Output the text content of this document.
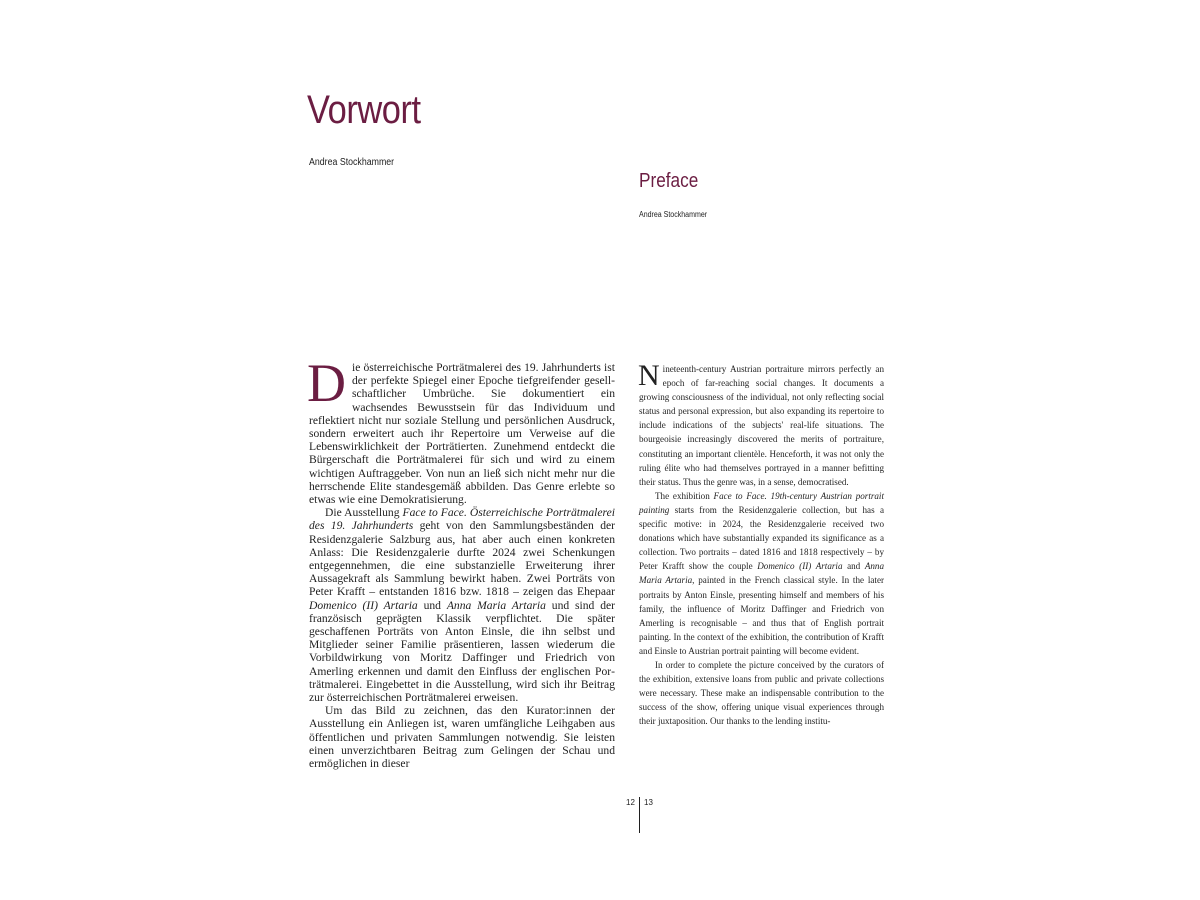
Vorwort
Andrea Stockhammer

Die österreichische Porträtmalerei des 19. Jahrhunderts ist der perfekte Spiegel einer Epoche tiefgreifender gesellschaftlicher Umbrüche. Sie dokumentiert ein wachsendes Bewusstsein für das Individuum und reflektiert nicht nur soziale Stellung und persönlichen Ausdruck, sondern erweitert auch ihr Repertoire um Verweise auf die Lebenswirklichkeit der Porträtierten. Zunehmend entdeckt die Bürgerschaft die Porträtmalerei für sich und wird zu einem wichtigen Auftraggeber. Von nun an ließ sich nicht mehr nur die herrschende Elite standesgemäß abbilden. Das Genre erlebte so etwas wie eine Demokratisierung.

Die Ausstellung Face to Face. Österreichische Porträtmalerei des 19. Jahrhunderts geht von den Sammlungsbeständen der Residenzgalerie Salzburg aus, hat aber auch einen konkreten Anlass: Die Residenzgalerie durfte 2024 zwei Schenkungen entgegennehmen, die eine substanzielle Erweiterung ihrer Aussagekraft als Sammlung bewirkt haben. Zwei Porträts von Peter Krafft – entstanden 1816 bzw. 1818 – zeigen das Ehepaar Domenico (II) Artaria und Anna Maria Artaria und sind der französisch geprägten Klassik verpflichtet. Die später geschaffenen Porträts von Anton Einsle, die ihn selbst und Mitglieder seiner Familie präsentieren, lassen wiederum die Vorbildwirkung von Moritz Daffinger und Friedrich von Amerling erkennen und damit den Einfluss der englischen Porträtmalerei. Eingebettet in die Ausstellung, wird sich ihr Beitrag zur österreichischen Porträtmalerei erweisen.

Um das Bild zu zeichnen, das den Kurator:innen der Ausstellung ein Anliegen ist, waren umfängliche Leihgaben aus öffentlichen und privaten Sammlungen notwendig. Sie leisten einen unverzichtbaren Beitrag zum Gelingen der Schau und ermöglichen in dieser

Preface
Andrea Stockhammer

Nineteenth-century Austrian portraiture mirrors perfectly an epoch of far-reaching social changes. It documents a growing consciousness of the individual, not only reflecting social status and personal expression, but also expanding its repertoire to include indications of the subjects' real-life situations. The bourgeoisie increasingly discovered the merits of portraiture, constituting an important clientèle. Henceforth, it was not only the ruling élite who had themselves portrayed in a manner befitting their status. Thus the genre was, in a sense, democratised.

The exhibition Face to Face. 19th-century Austrian portrait painting starts from the Residenzgalerie collection, but has a specific motive: in 2024, the Residenzgalerie received two donations which have substantially expanded its significance as a collection. Two portraits – dated 1816 and 1818 respectively – by Peter Krafft show the couple Domenico (II) Artaria and Anna Maria Artaria, painted in the French classical style. In the later portraits by Anton Einsle, presenting himself and members of his family, the influence of Moritz Daffinger and Friedrich von Amerling is recognisable – and thus that of English portrait painting. In the context of the exhibition, the contribution of Krafft and Einsle to Austrian portrait painting will become evident.

In order to complete the picture conceived by the curators of the exhibition, extensive loans from public and private collections were necessary. These make an indispensable contribution to the success of the show, offering unique visual experiences through their juxtaposition. Our thanks to the lending institu-

12 13
